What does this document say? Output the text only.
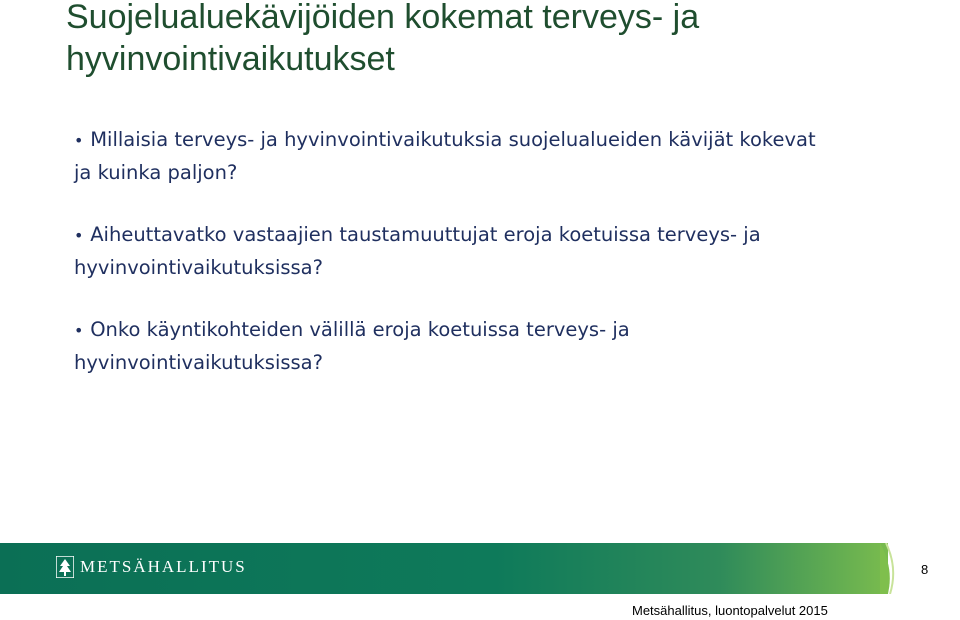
Suojelualuekävijöiden kokemat terveys- ja hyvinvointivaikutukset
• Millaisia terveys- ja hyvinvointivaikutuksia suojelualueiden kävijät kokevat ja kuinka paljon?
• Aiheuttavatko vastaajien taustamuuttujat eroja koetuissa terveys- ja hyvinvointivaikutuksissa?
• Onko käyntikohteiden välillä eroja koetuissa terveys- ja hyvinvointivaikutuksissa?
METSÄHALLITUS	8
Metsähallitus, luontopalvelut 2015
